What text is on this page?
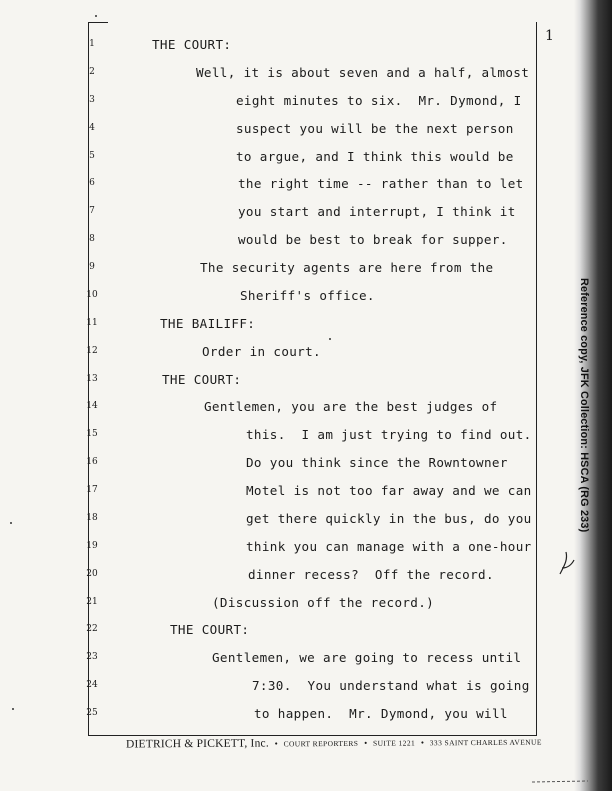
1
1
2
3
4
5
6
7
8
9
10
11
12
13
14
15
16
17
18
19
20
21
22
23
24
25
THE COURT:
Well, it is about seven and a half, almost
eight minutes to six.  Mr. Dymond, I
suspect you will be the next person
to argue, and I think this would be
the right time -- rather than to let
you start and interrupt, I think it
would be best to break for supper.
The security agents are here from the
Sheriff's office.
THE BAILIFF:
Order in court.
THE COURT:
Gentlemen, you are the best judges of
this.  I am just trying to find out.
Do you think since the Rowntowner
Motel is not too far away and we can
get there quickly in the bus, do you
think you can manage with a one-hour
dinner recess?  Off the record.
(Discussion off the record.)
THE COURT:
Gentlemen, we are going to recess until
7:30.  You understand what is going
to happen.  Mr. Dymond, you will
DIETRICH & PICKETT, Inc. • COURT REPORTERS • SUITE 1221 • 333 SAINT CHARLES AVENUE
Reference copy, JFK Collection: HSCA (RG 233)
